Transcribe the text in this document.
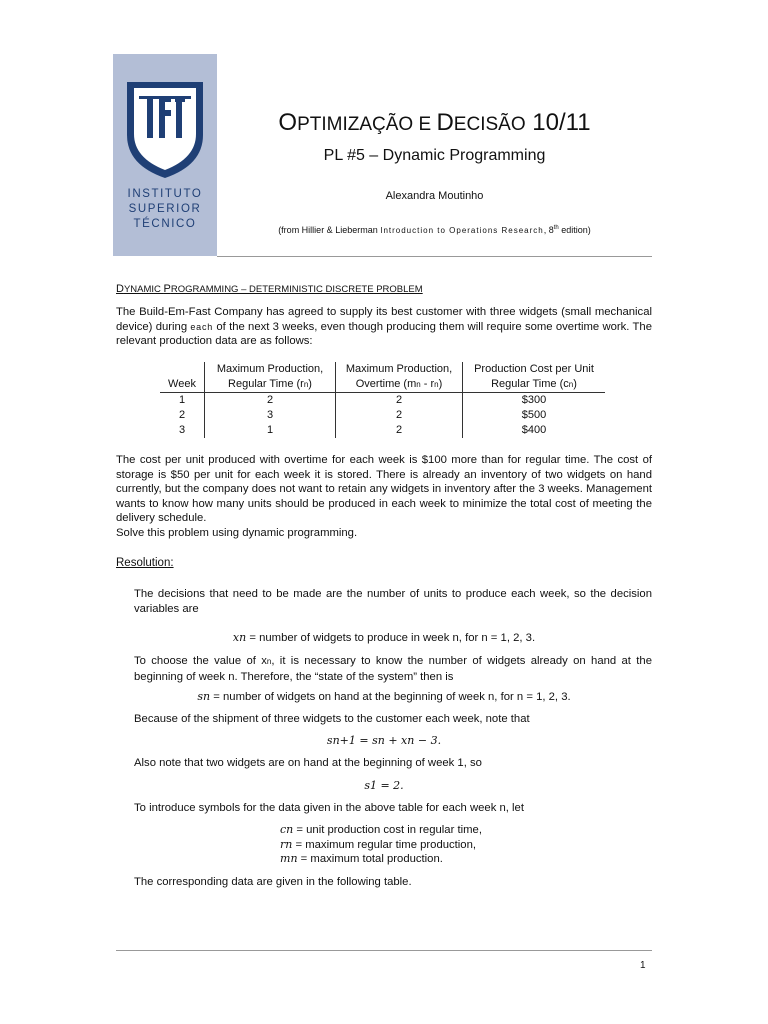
INSTITUTO
SUPERIOR
TÉCNICO
OPTIMIZAÇÃO E DECISÃO 10/11
PL #5 – Dynamic Programming
Alexandra Moutinho
(from Hillier & Lieberman Introduction to Operations Research, 8th edition)
DYNAMIC PROGRAMMING – DETERMINISTIC DISCRETE PROBLEM
The Build-Em-Fast Company has agreed to supply its best customer with three widgets (small mechanical device) during each of the next 3 weeks, even though producing them will require some overtime work. The relevant production data are as follows:
	Maximum Production,	Maximum Production,	Production Cost per Unit
Week	Regular Time (rn)	Overtime (mn - rn)	Regular Time (cn)
1	2	2	$300
2	3	2	$500
3	1	2	$400
The cost per unit produced with overtime for each week is $100 more than for regular time. The cost of storage is $50 per unit for each week it is stored. There is already an inventory of two widgets on hand currently, but the company does not want to retain any widgets in inventory after the 3 weeks. Management wants to know how many units should be produced in each week to minimize the total cost of meeting the delivery schedule.
Solve this problem using dynamic programming.
Resolution:
The decisions that need to be made are the number of units to produce each week, so the decision variables are
xn = number of widgets to produce in week n, for n = 1, 2, 3.
To choose the value of xn, it is necessary to know the number of widgets already on hand at the beginning of week n. Therefore, the “state of the system” then is
sn = number of widgets on hand at the beginning of week n, for n = 1, 2, 3.
Because of the shipment of three widgets to the customer each week, note that
sn+1 = sn + xn − 3.
Also note that two widgets are on hand at the beginning of week 1, so
s1 = 2.
To introduce symbols for the data given in the above table for each week n, let
cn = unit production cost in regular time,
rn = maximum regular time production,
mn = maximum total production.
The corresponding data are given in the following table.
1
